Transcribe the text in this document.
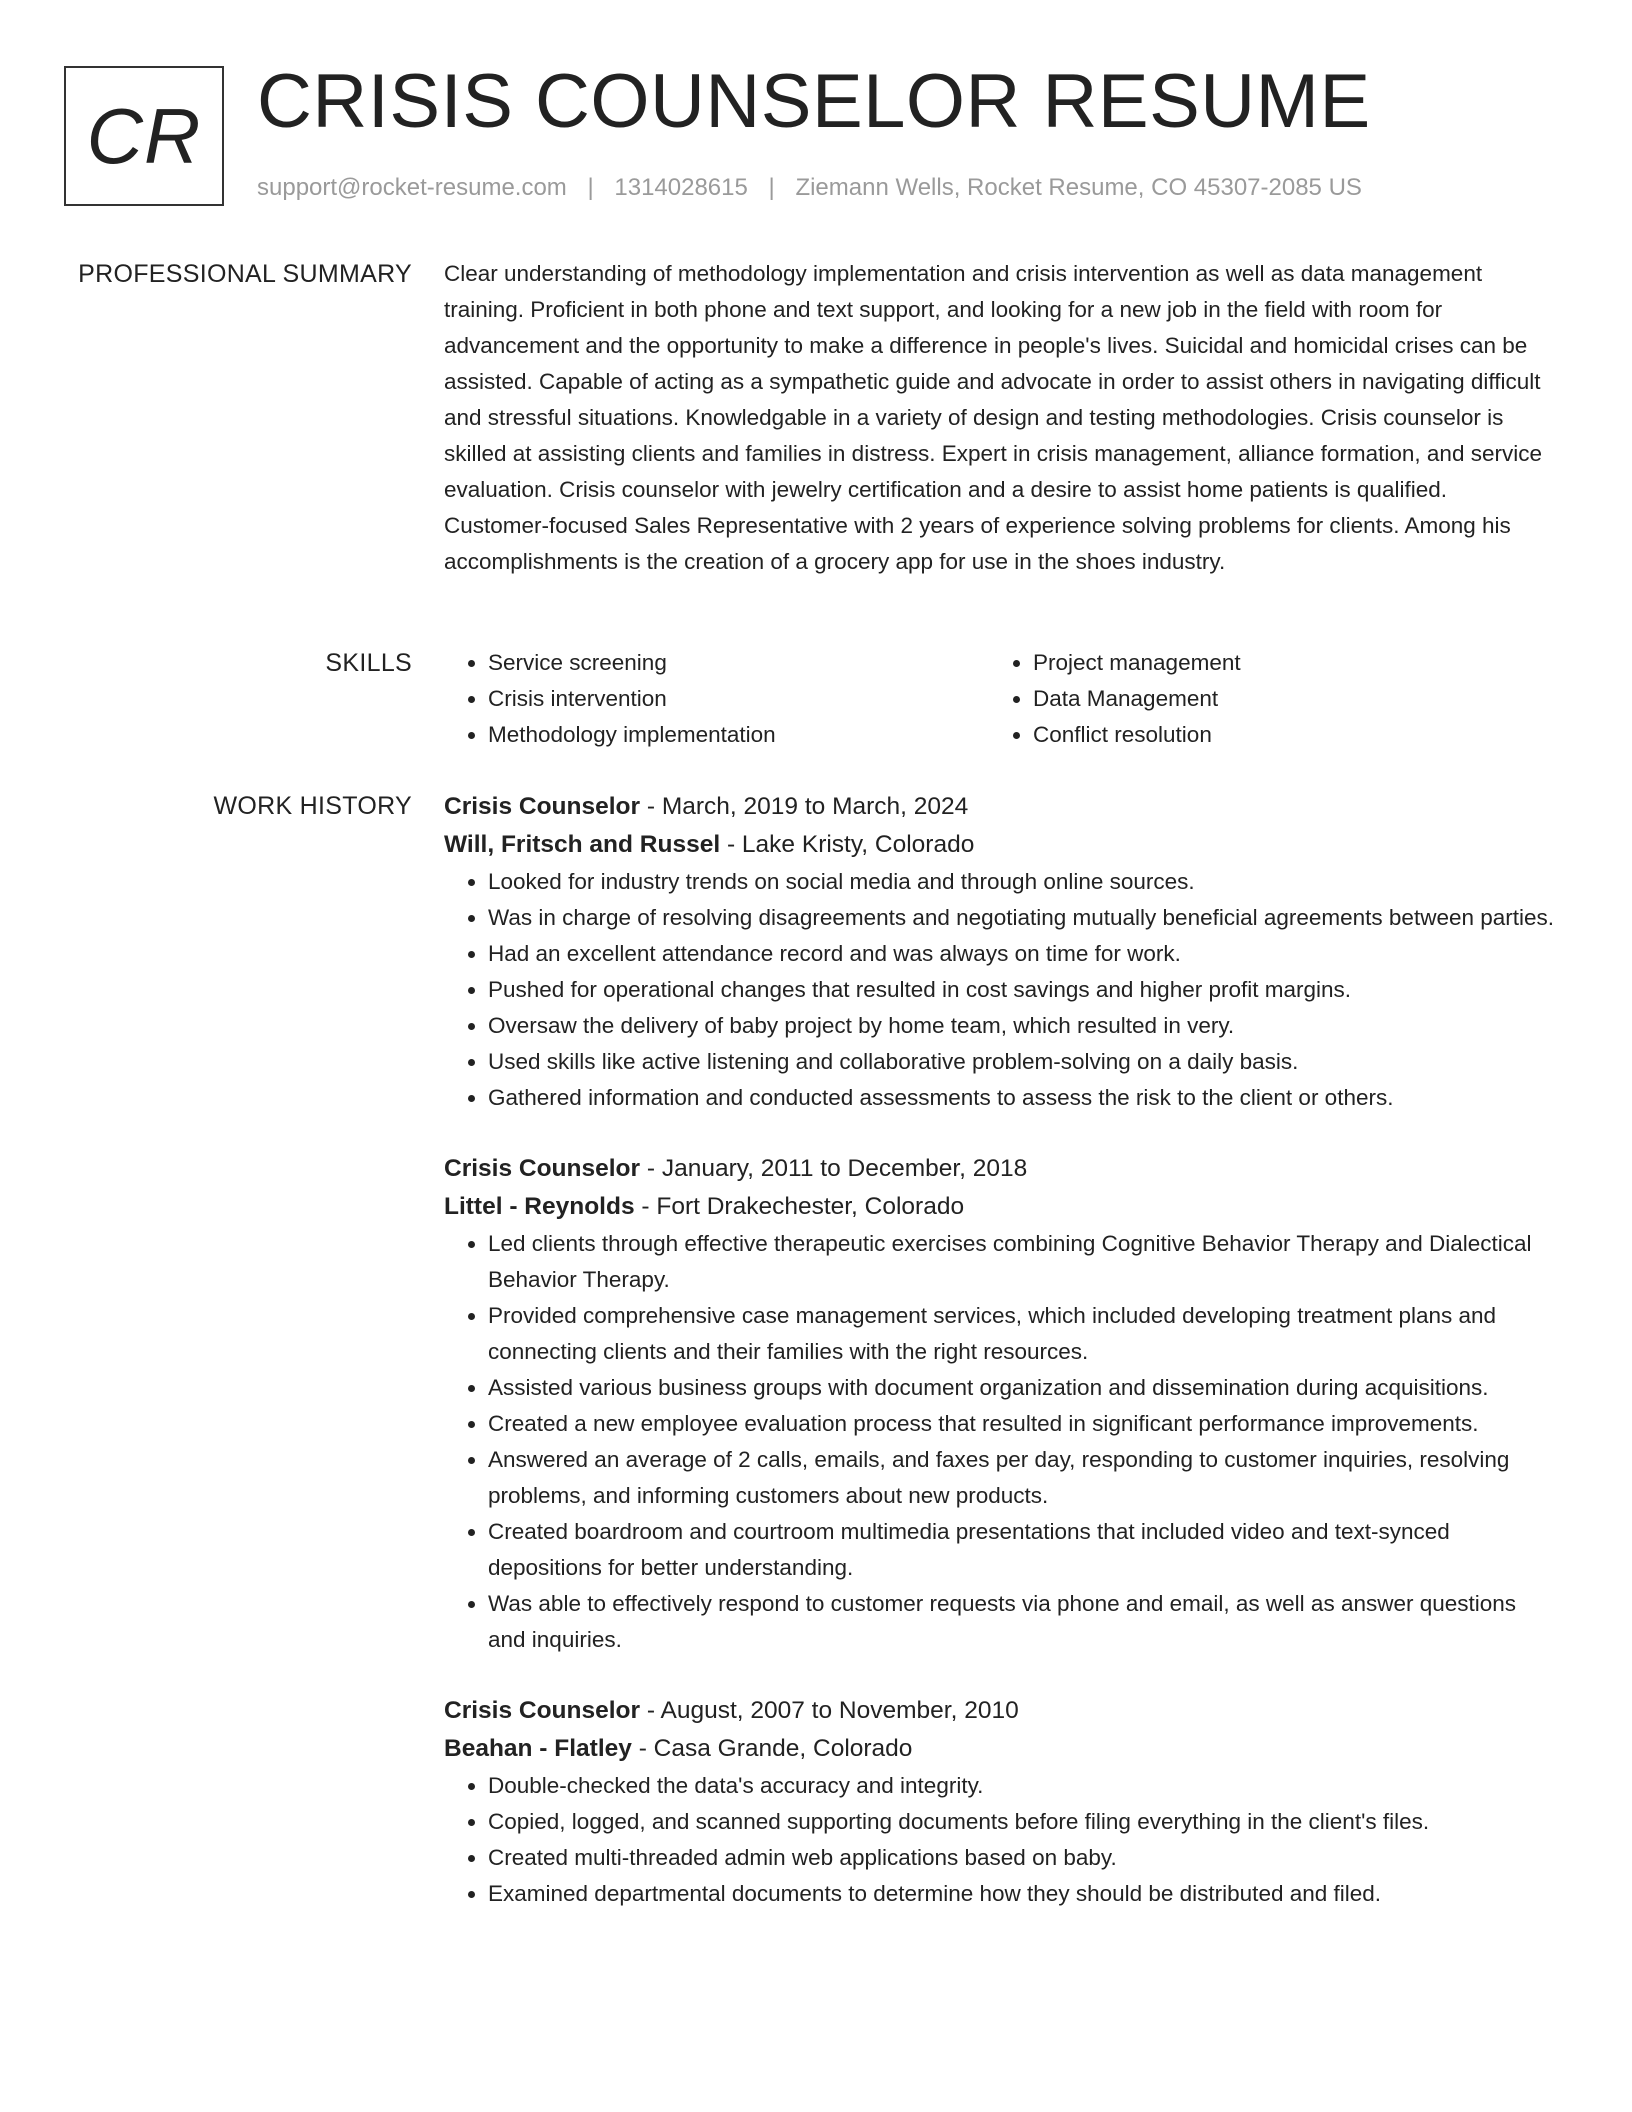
CR CRISIS COUNSELOR RESUME
support@rocket-resume.com | 1314028615 | Ziemann Wells, Rocket Resume, CO 45307-2085 US
PROFESSIONAL SUMMARY Clear understanding of methodology implementation and crisis intervention as well as data management training. Proficient in both phone and text support, and looking for a new job in the field with room for advancement and the opportunity to make a difference in people's lives. Suicidal and homicidal crises can be assisted. Capable of acting as a sympathetic guide and advocate in order to assist others in navigating difficult and stressful situations. Knowledgable in a variety of design and testing methodologies. Crisis counselor is skilled at assisting clients and families in distress. Expert in crisis management, alliance formation, and service evaluation. Crisis counselor with jewelry certification and a desire to assist home patients is qualified. Customer-focused Sales Representative with 2 years of experience solving problems for clients. Among his accomplishments is the creation of a grocery app for use in the shoes industry.

SKILLS
•	Service screening
• Crisis intervention
• Methodology implementation
• Project management
• Data Management
• Conflict resolution
WORK HISTORY Crisis Counselor - March, 2019 to March, 2024
Will, Fritsch and Russel - Lake Kristy, Colorado
• Looked for industry trends on social media and through online sources.
• Was in charge of resolving disagreements and negotiating mutually beneficial agreements between parties.
• Had an excellent attendance record and was always on time for work.
• Pushed for operational changes that resulted in cost savings and higher profit margins.
• Oversaw the delivery of baby project by home team, which resulted in very.
• Used skills like active listening and collaborative problem-solving on a daily basis.
• Gathered information and conducted assessments to assess the risk to the client or others.
Crisis Counselor - January, 2011 to December, 2018
Littel - Reynolds - Fort Drakechester, Colorado
• Led clients through effective therapeutic exercises combining Cognitive Behavior Therapy and Dialectical Behavior Therapy.
• Provided comprehensive case management services, which included developing treatment plans and connecting clients and their families with the right resources.
• Assisted various business groups with document organization and dissemination during acquisitions.
• Created a new employee evaluation process that resulted in significant performance improvements.
• Answered an average of 2 calls, emails, and faxes per day, responding to customer inquiries, resolving problems, and informing customers about new products.
• Created boardroom and courtroom multimedia presentations that included video and text-synced depositions for better understanding.
• Was able to effectively respond to customer requests via phone and email, as well as answer questions and inquiries.
Crisis Counselor - August, 2007 to November, 2010
Beahan - Flatley - Casa Grande, Colorado
• Double-checked the data's accuracy and integrity.
• Copied, logged, and scanned supporting documents before filing everything in the client's files.
• Created multi-threaded admin web applications based on baby.
• Examined departmental documents to determine how they should be distributed and filed.
